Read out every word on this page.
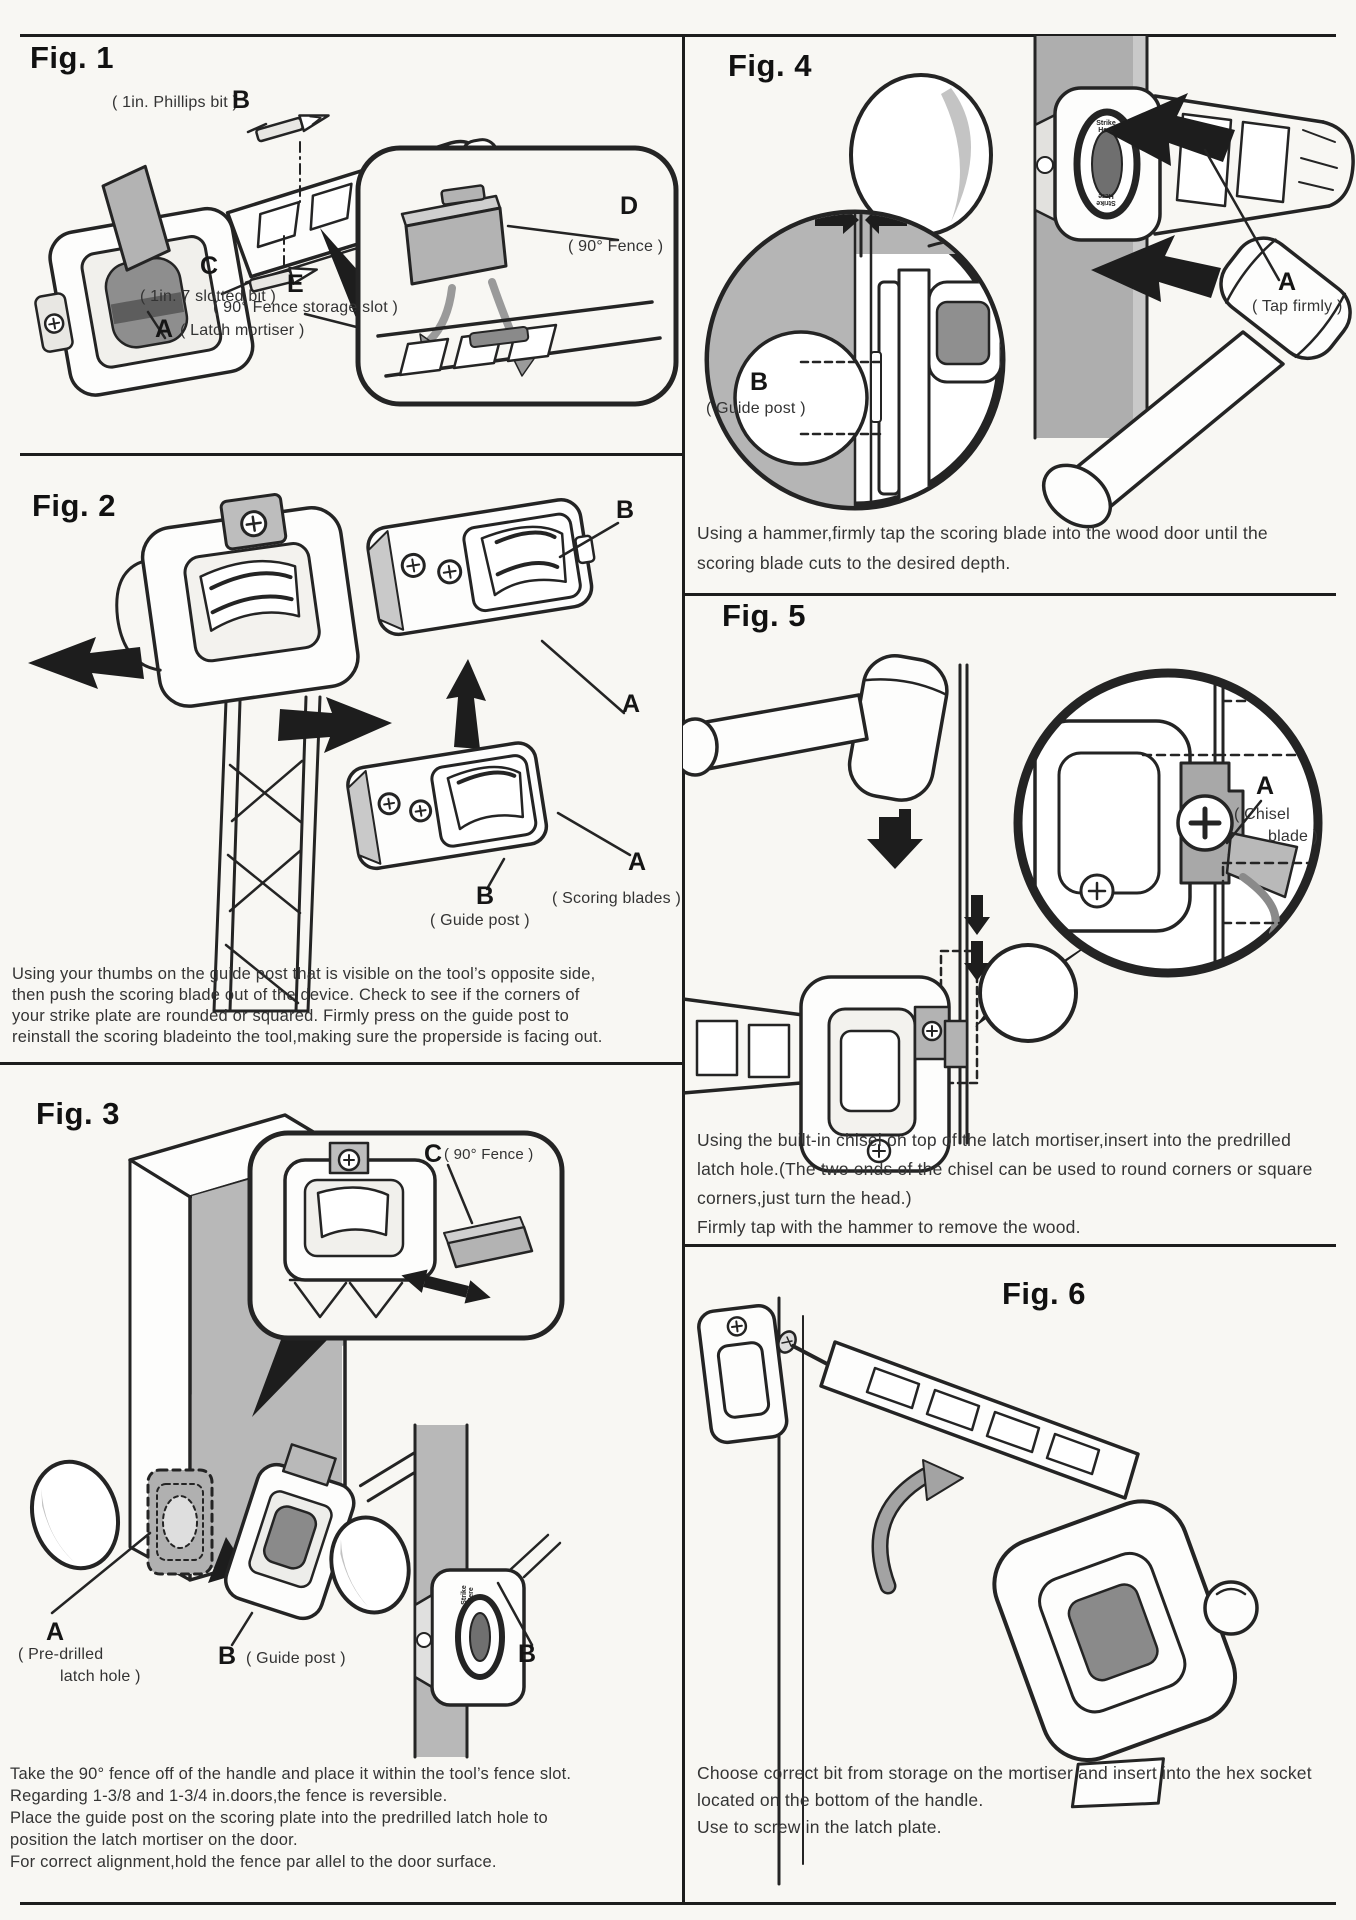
Fig. 1
( 1in. Phillips bit )
B
C
( 1in. 7 slotted bit ) E
( 90° Fence storage slot )
A ( Latch mortiser )
D
( 90° Fence )
Fig. 2	B
A
B
( Guide post )
A
( Scoring blades )
Using your thumbs on the guide post that is visible on the tool’s opposite side,
then push the scoring blade out of the device. Check to see if the corners of
your strike plate are rounded or squared. Firmly press on the guide post to
reinstall the scoring bladeinto the tool,making sure the properside is facing out.
Fig. 3
C ( 90° Fence )
A
( Pre-drilled
latch hole )
B ( Guide post )	B
Strike
Here
Take the 90° fence off of the handle and place it within the tool’s fence slot.
Regarding 1-3/8 and 1-3/4 in.doors,the fence is reversible.
Place the guide post on the scoring plate into the predrilled latch hole to
position the latch mortiser on the door.
For correct alignment,hold the fence par allel to the door surface.
Fig. 4
Strike
Here
Strike
Here
B
( Guide post )
A
( Tap firmly )
Using a hammer,firmly tap the scoring blade into the wood door until the
scoring blade cuts to the desired depth.
Fig. 5
A
( Chisel
blade )
Using the built-in chisel on top of the latch mortiser,insert into the predrilled
latch hole.(The two ends of the chisel can be used to round corners or square
corners,just turn the head.)
Firmly tap with the hammer to remove the wood.
Fig. 6
Choose correct bit from storage on the mortiser and insert into the hex socket
located on the bottom of the handle.
Use to screw in the latch plate.
